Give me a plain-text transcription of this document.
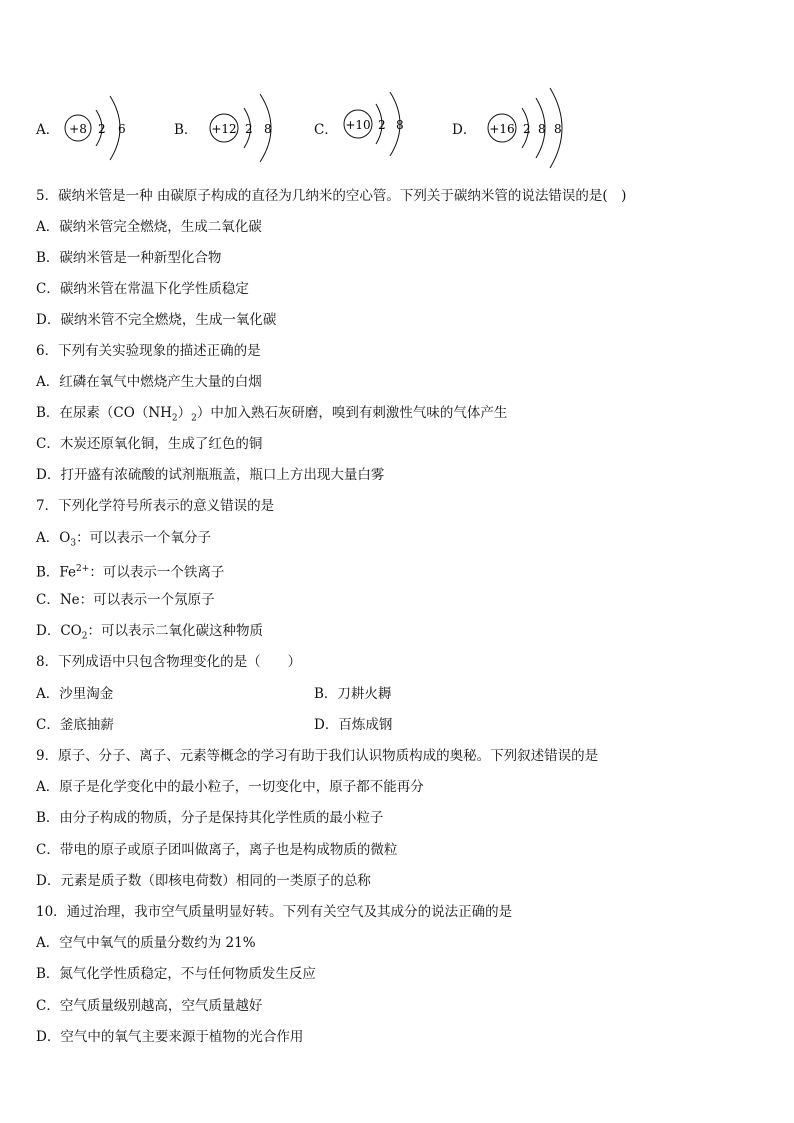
A． +8 2 6	B． +12 2 8	C． +10 2 8	D． +16 2 8 8
5．碳纳米管是一种 由碳原子构成的直径为几纳米的空心管。下列关于碳纳米管的说法错误的是(　)
A．碳纳米管完全燃烧，生成二氧化碳
B．碳纳米管是一种新型化合物
C．碳纳米管在常温下化学性质稳定
D．碳纳米管不完全燃烧，生成一氧化碳
6．下列有关实验现象的描述正确的是
A．红磷在氧气中燃烧产生大量的白烟
B．在尿素$(CO(NH_2)_2)$中加入熟石灰研磨，嗅到有刺激性气味的气体产生
C．木炭还原氧化铜，生成了红色的铜
D．打开盛有浓硫酸的试剂瓶瓶盖，瓶口上方出现大量白雾
7．下列化学符号所表示的意义错误的是
A．$O_3$：可以表示一个氧分子
B．$Fe^{2+}$：可以表示一个铁离子
C．Ne：可以表示一个氖原子
D．$CO_2$：可以表示二氧化碳这种物质
8．下列成语中只包含物理变化的是（　　）
A．沙里淘金	B．刀耕火耨
C．釜底抽薪	D．百炼成钢
9．原子、分子、离子、元素等概念的学习有助于我们认识物质构成的奥秘。下列叙述错误的是
A．原子是化学变化中的最小粒子，一切变化中，原子都不能再分
B．由分子构成的物质，分子是保持其化学性质的最小粒子
C．带电的原子或原子团叫做离子，离子也是构成物质的微粒
D．元素是质子数（即核电荷数）相同的一类原子的总称
10．通过治理，我市空气质量明显好转。下列有关空气及其成分的说法正确的是
A．空气中氧气的质量分数约为 21%
B．氮气化学性质稳定，不与任何物质发生反应
C．空气质量级别越高，空气质量越好
D．空气中的氧气主要来源于植物的光合作用
